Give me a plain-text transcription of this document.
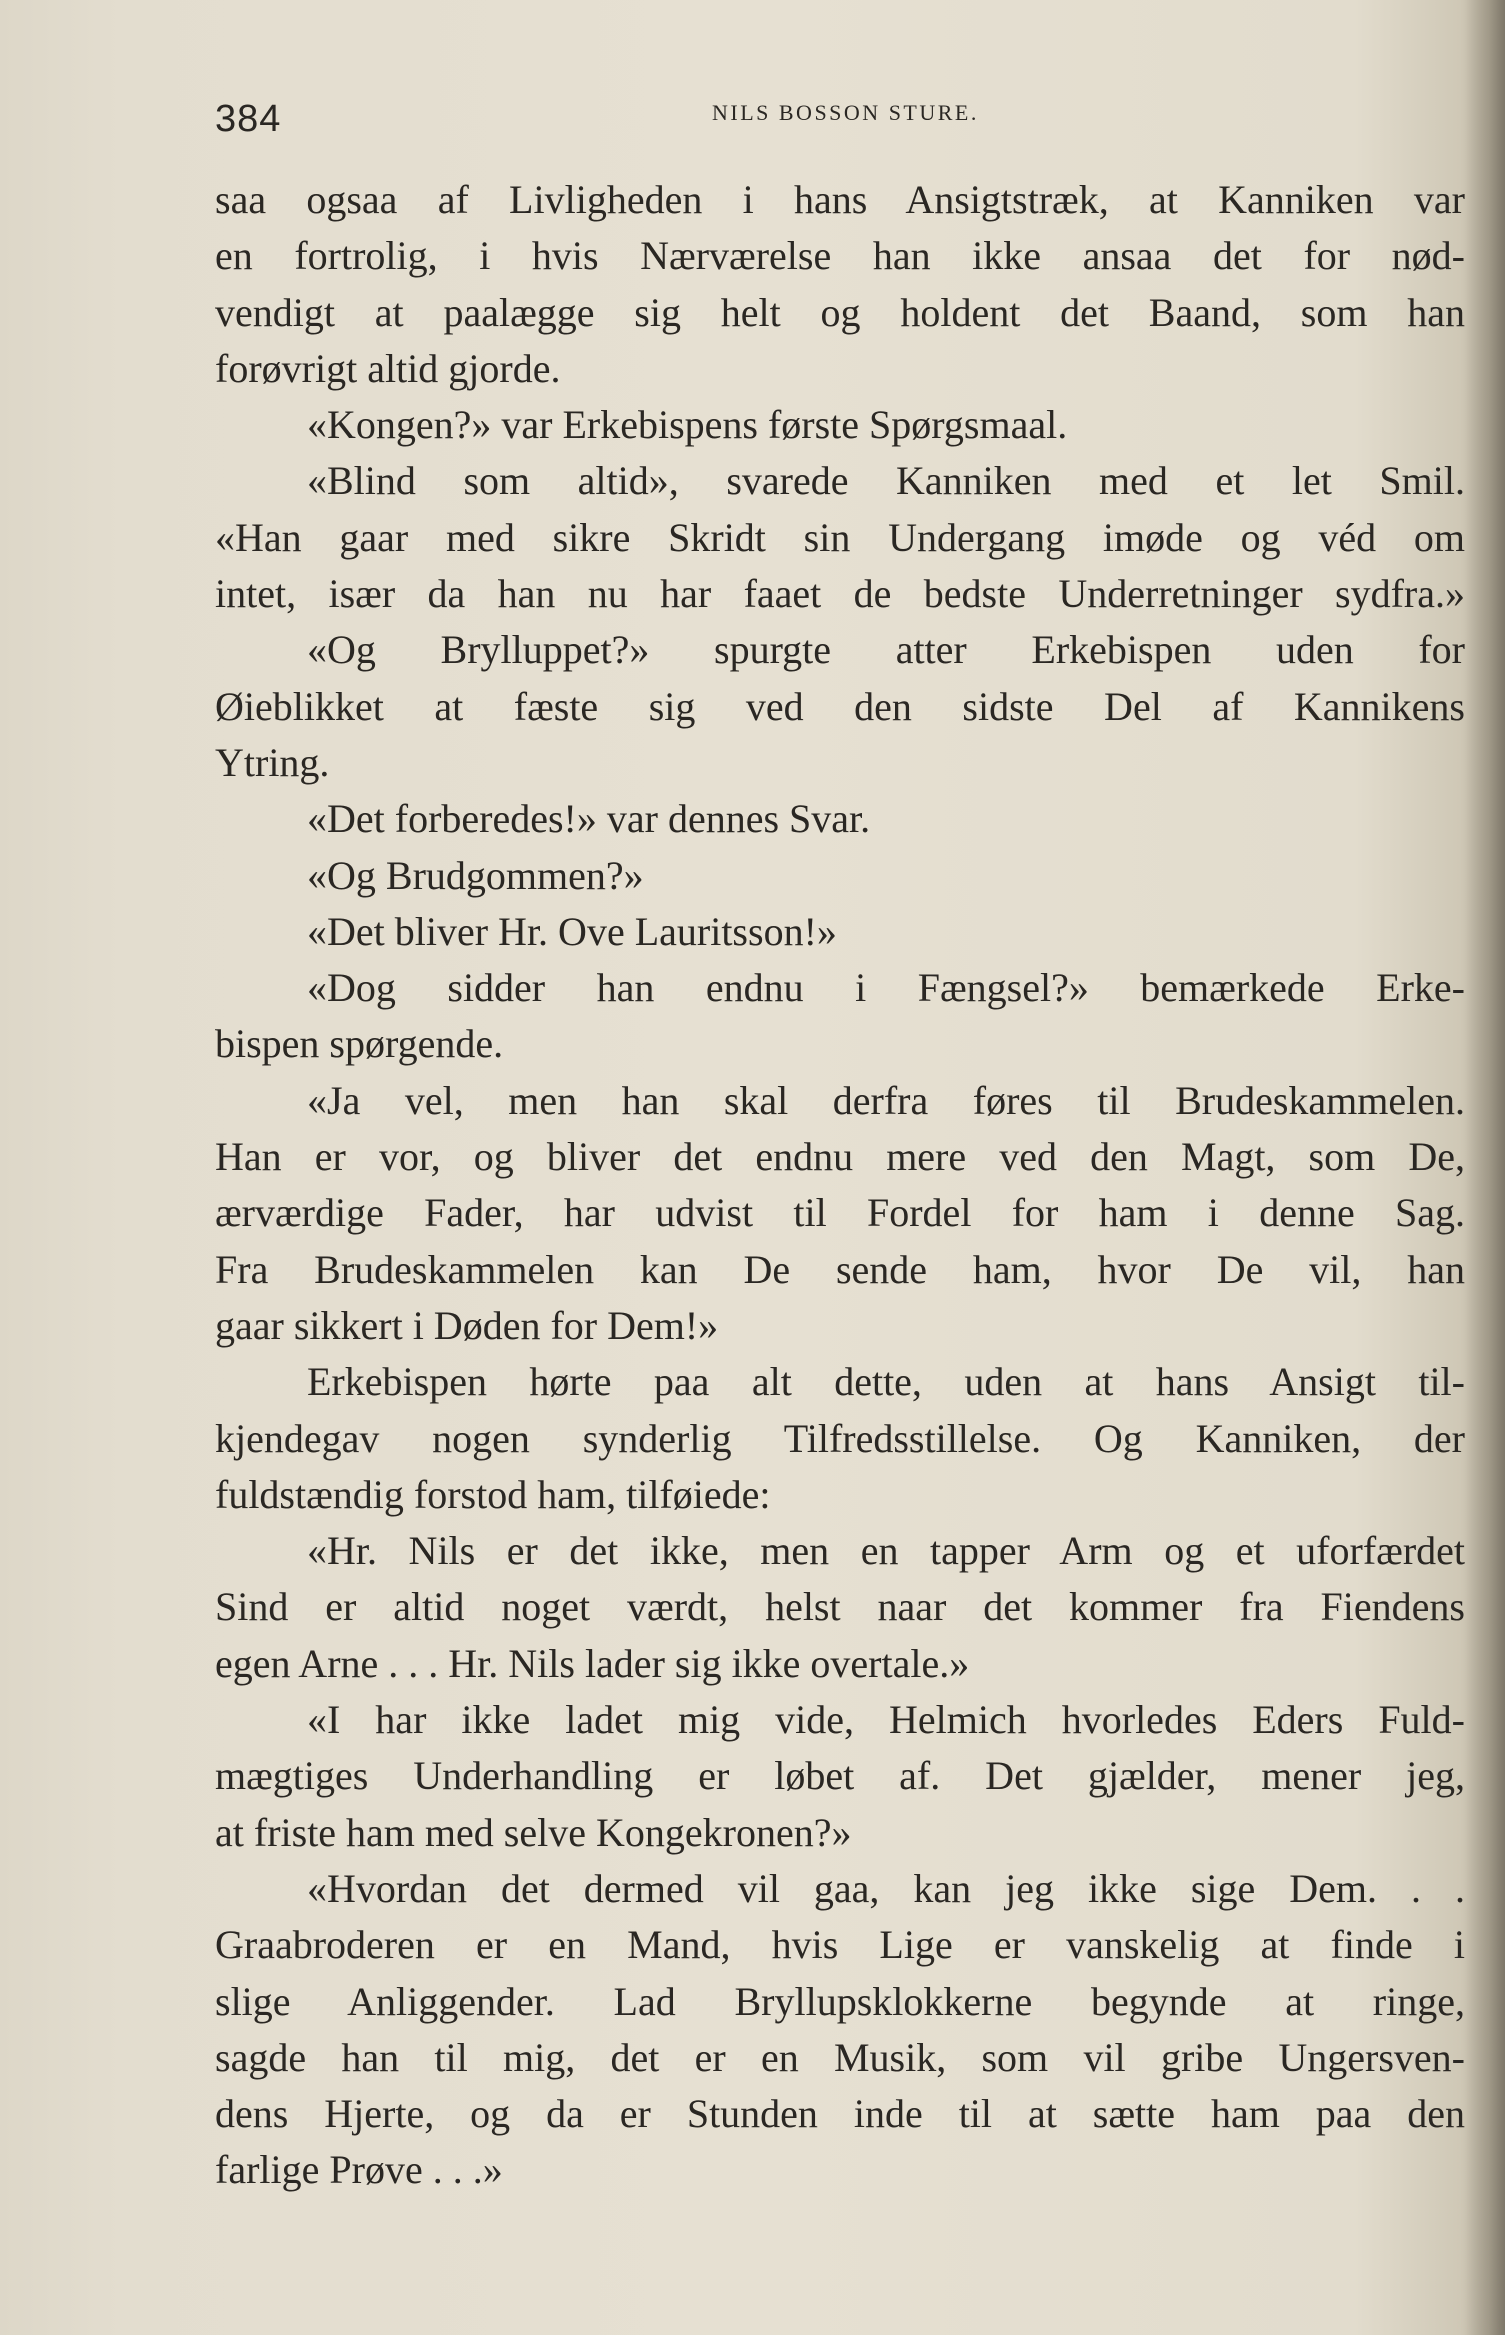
384	NILS BOSSON STURE.
saa ogsaa af Livligheden i hans Ansigtstræk, at Kanniken var
en fortrolig, i hvis Nærværelse han ikke ansaa det for nød-
vendigt at paalægge sig helt og holdent det Baand, som han
forøvrigt altid gjorde.
«Kongen?» var Erkebispens første Spørgsmaal.
«Blind som altid», svarede Kanniken med et let Smil.
«Han gaar med sikre Skridt sin Undergang imøde og véd om
intet, især da han nu har faaet de bedste Underretninger sydfra.»
«Og Brylluppet?» spurgte atter Erkebispen uden for
Øieblikket at fæste sig ved den sidste Del af Kannikens
Ytring.
«Det forberedes!» var dennes Svar.
«Og Brudgommen?»
«Det bliver Hr. Ove Lauritsson!»
«Dog sidder han endnu i Fængsel?» bemærkede Erke-
bispen spørgende.
«Ja vel, men han skal derfra føres til Brudeskammelen.
Han er vor, og bliver det endnu mere ved den Magt, som De,
ærværdige Fader, har udvist til Fordel for ham i denne Sag.
Fra Brudeskammelen kan De sende ham, hvor De vil, han
gaar sikkert i Døden for Dem!»
Erkebispen hørte paa alt dette, uden at hans Ansigt til-
kjendegav nogen synderlig Tilfredsstillelse. Og Kanniken, der
fuldstændig forstod ham, tilføiede:
«Hr. Nils er det ikke, men en tapper Arm og et uforfærdet
Sind er altid noget værdt, helst naar det kommer fra Fiendens
egen Arne . . . Hr. Nils lader sig ikke overtale.»
«I har ikke ladet mig vide, Helmich hvorledes Eders Fuld-
mægtiges Underhandling er løbet af. Det gjælder, mener jeg,
at friste ham med selve Kongekronen?»
«Hvordan det dermed vil gaa, kan jeg ikke sige Dem. . .
Graabroderen er en Mand, hvis Lige er vanskelig at finde i
slige Anliggender. Lad Bryllupsklokkerne begynde at ringe,
sagde han til mig, det er en Musik, som vil gribe Ungersven-
dens Hjerte, og da er Stunden inde til at sætte ham paa den
farlige Prøve . . .»
